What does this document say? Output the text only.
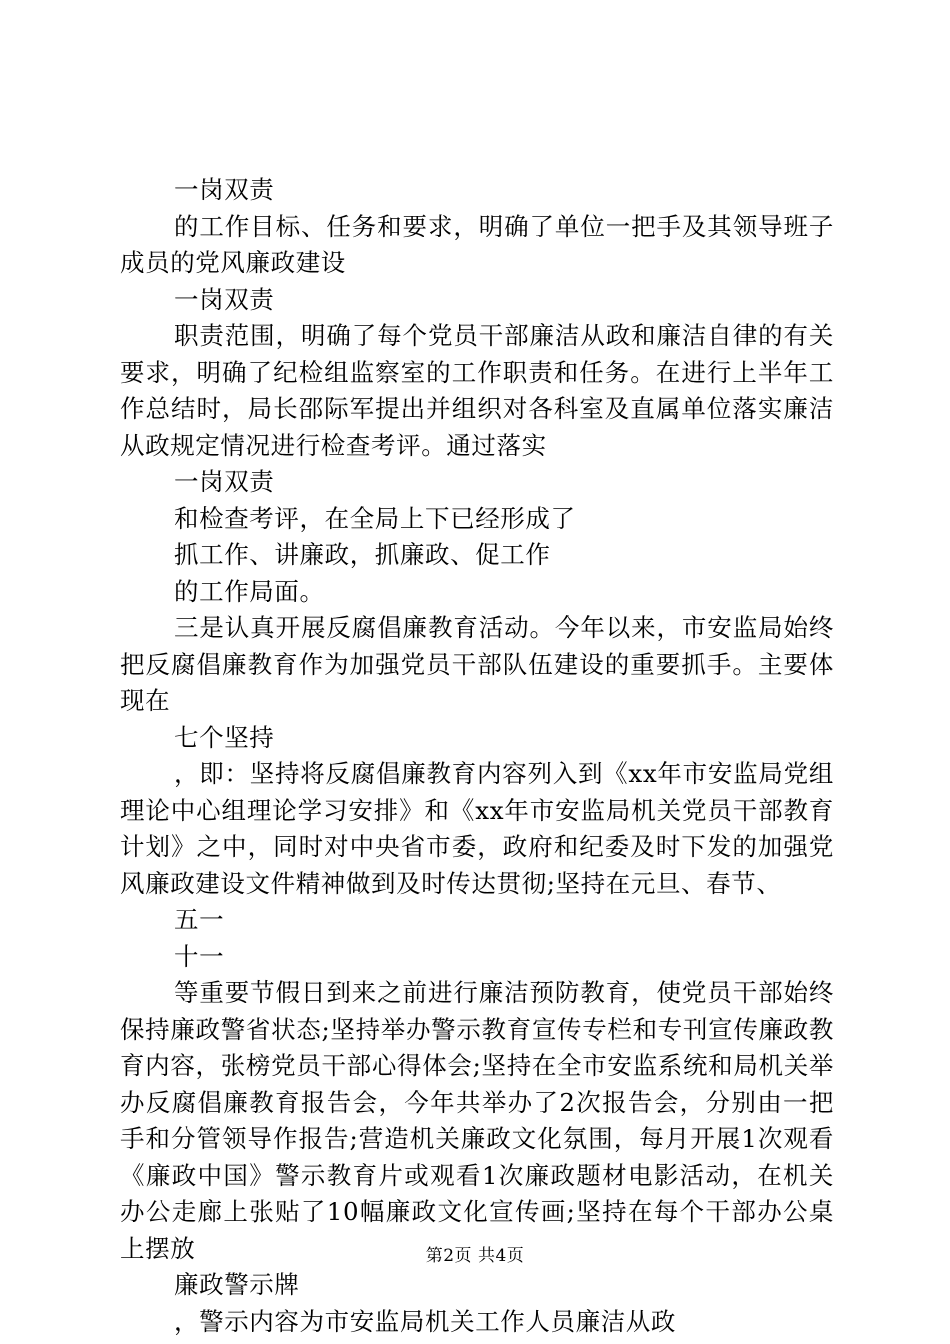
一岗双责

的工作目标、任务和要求，明确了单位一把手及其领导班子成员的党风廉政建设

一岗双责

职责范围，明确了每个党员干部廉洁从政和廉洁自律的有关要求，明确了纪检组监察室的工作职责和任务。在进行上半年工作总结时，局长邵际军提出并组织对各科室及直属单位落实廉洁从政规定情况进行检查考评。通过落实

一岗双责

和检查考评，在全局上下已经形成了

抓工作、讲廉政，抓廉政、促工作

的工作局面。

三是认真开展反腐倡廉教育活动。今年以来，市安监局始终把反腐倡廉教育作为加强党员干部队伍建设的重要抓手。主要体现在

七个坚持

，即：坚持将反腐倡廉教育内容列入到《xx年市安监局党组理论中心组理论学习安排》和《xx年市安监局机关党员干部教育计划》之中，同时对中央省市委，政府和纪委及时下发的加强党风廉政建设文件精神做到及时传达贯彻;坚持在元旦、春节、

五一

十一

等重要节假日到来之前进行廉洁预防教育，使党员干部始终保持廉政警省状态;坚持举办警示教育宣传专栏和专刊宣传廉政教育内容，张榜党员干部心得体会;坚持在全市安监系统和局机关举办反腐倡廉教育报告会，今年共举办了2次报告会，分别由一把手和分管领导作报告;营造机关廉政文化氛围，每月开展1次观看《廉政中国》警示教育片或观看1次廉政题材电影活动，在机关办公走廊上张贴了10幅廉政文化宣传画;坚持在每个干部办公桌上摆放

廉政警示牌

，警示内容为市安监局机关工作人员廉洁从政

第2页 共4页
